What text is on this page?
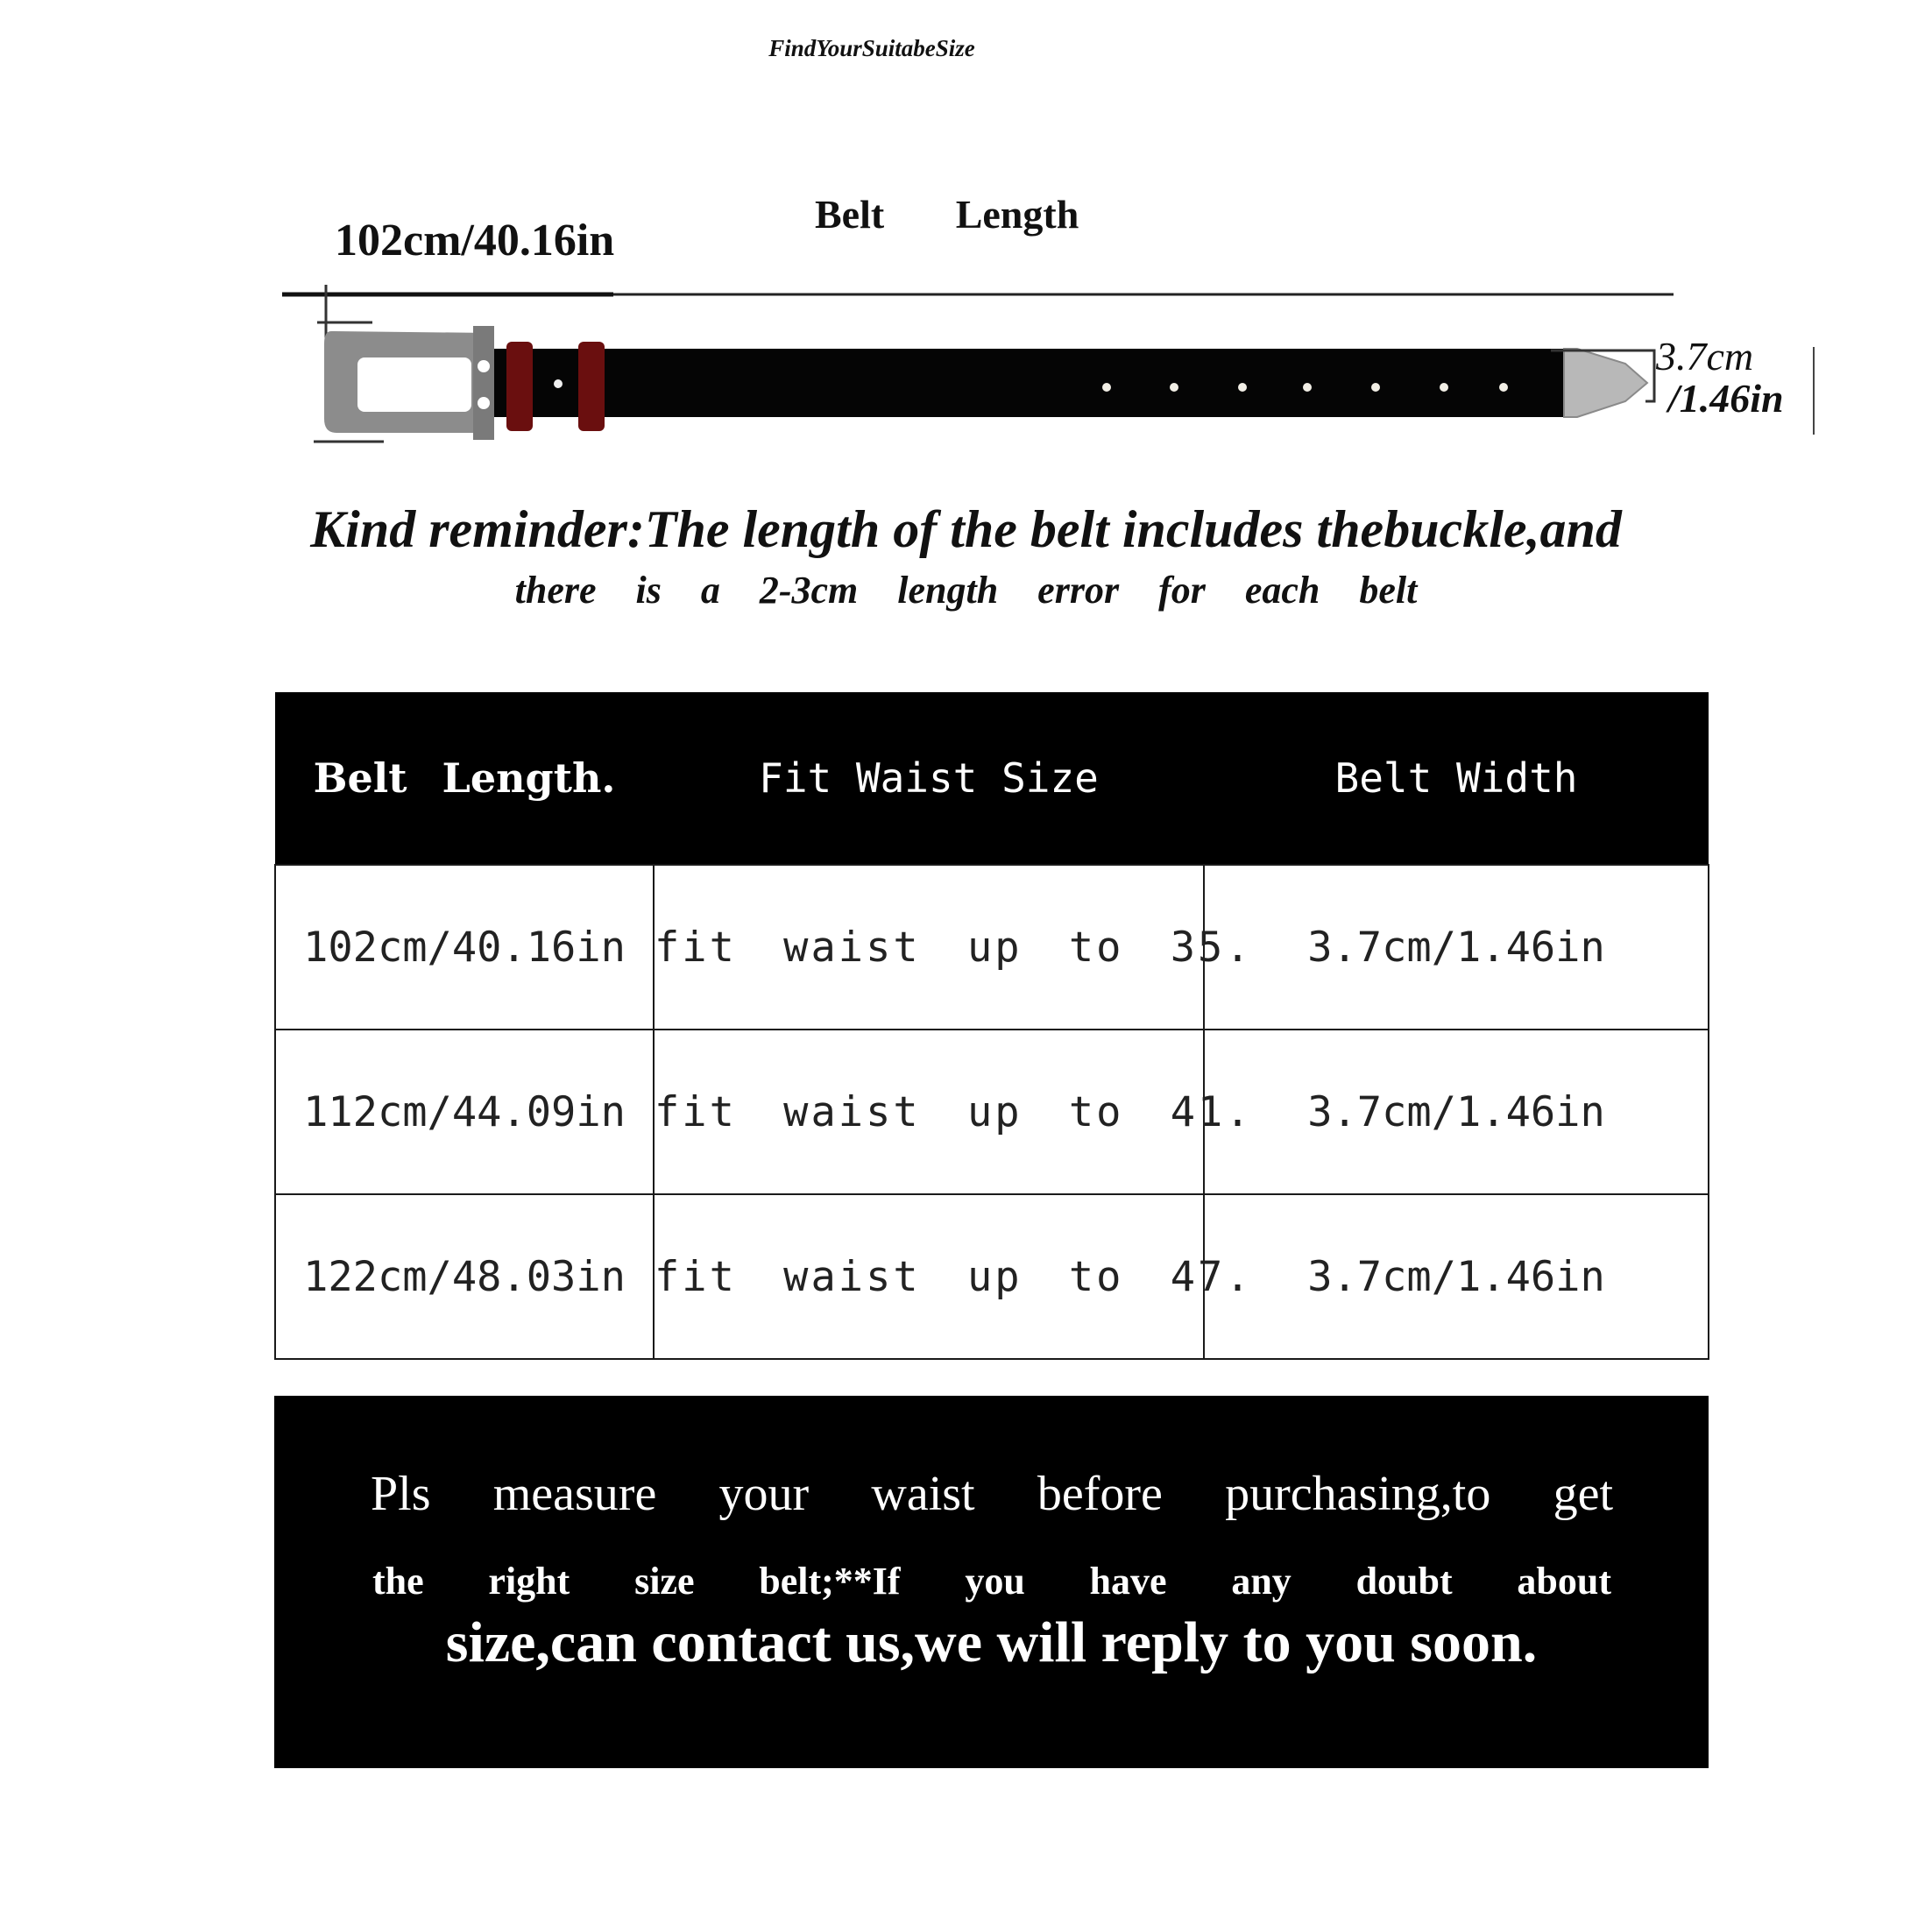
FindYourSuitabeSize
102cm/40.16in
Belt Length
3.7cm
/1.46in
Kind reminder:The length of the belt includes thebuckle,and
there is a 2-3cm length error for each belt
Belt Length.	Fit Waist Size	Belt Width
102cm/40.16in	fit waist up to 35.	3.7cm/1.46in
112cm/44.09in	fit waist up to 41.	3.7cm/1.46in
122cm/48.03in	fit waist up to 47.	3.7cm/1.46in
Pls measure your waist before purchasing,to get
the right size belt;**If you have any doubt about
size,can contact us,we will reply to you soon.
